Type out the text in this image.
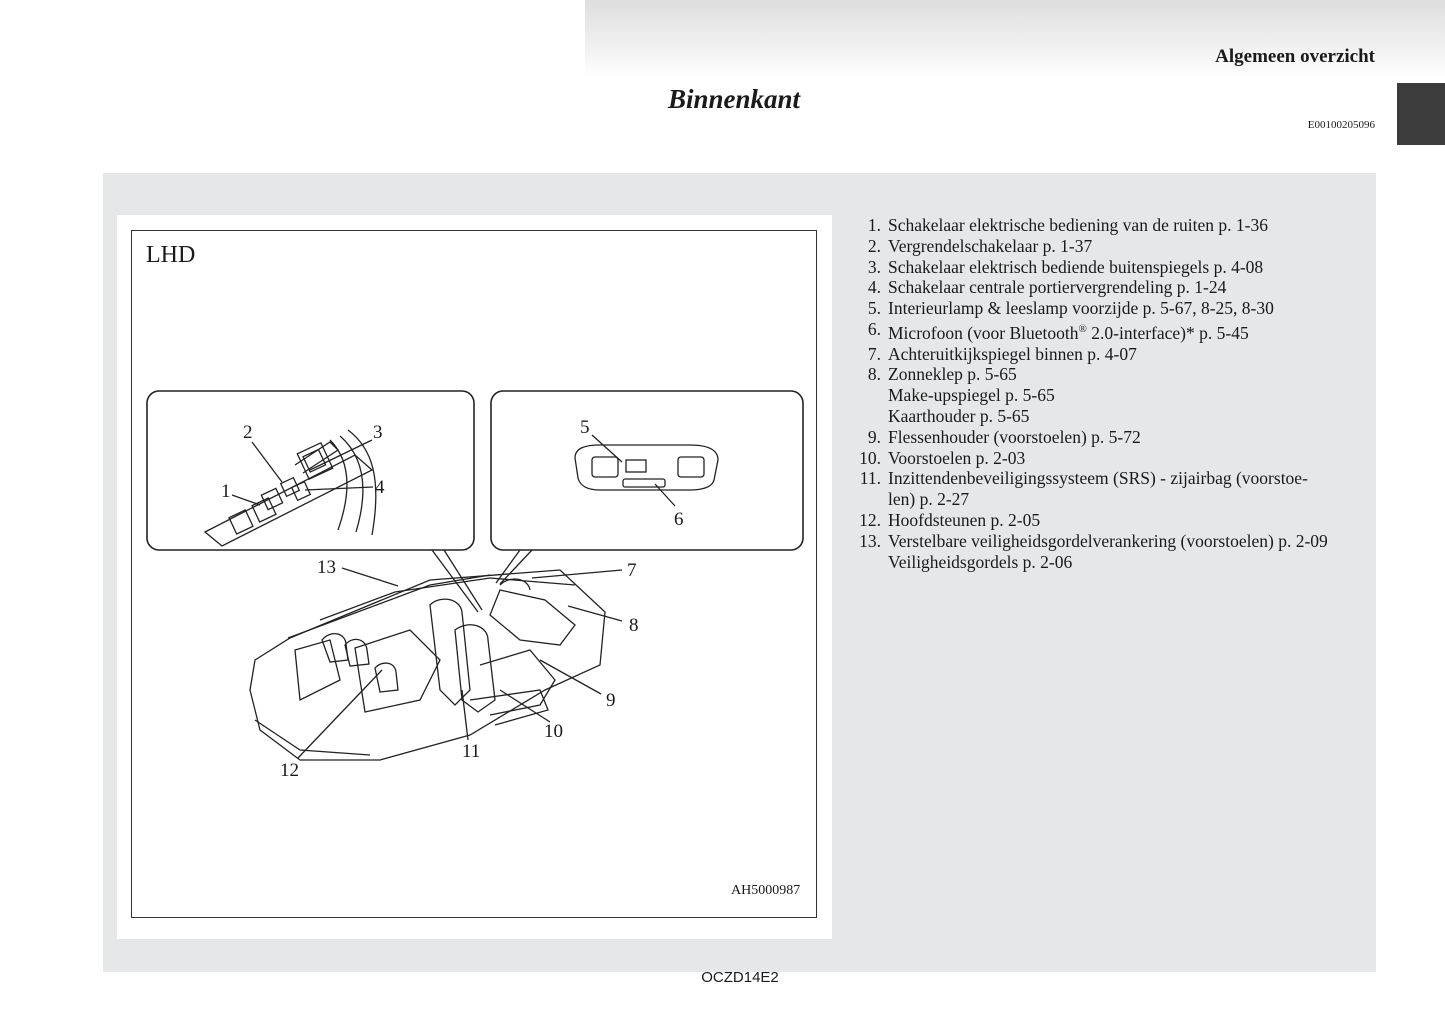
Algemeen overzicht
Binnenkant
E00100205096
2	3
1	4
5
6
7
8
9
10
11
12
13
LHD
AH5000987
1. Schakelaar elektrische bediening van de ruiten p. 1-36
2. Vergrendelschakelaar p. 1-37
3. Schakelaar elektrisch bediende buitenspiegels p. 4-08
4. Schakelaar centrale portiervergrendeling p. 1-24
5. Interieurlamp & leeslamp voorzijde p. 5-67, 8-25, 8-30
6. Microfoon (voor Bluetooth® 2.0-interface)* p. 5-45
7. Achteruitkijkspiegel binnen p. 4-07
8. Zonneklep p. 5-65
Make-upspiegel p. 5-65
Kaarthouder p. 5-65
9. Flessenhouder (voorstoelen) p. 5-72
10. Voorstoelen p. 2-03
11. Inzittendenbeveiligingssysteem (SRS) - zijairbag (voorstoe-
len) p. 2-27
12. Hoofdsteunen p. 2-05
13. Verstelbare veiligheidsgordelverankering (voorstoelen) p. 2-09
Veiligheidsgordels p. 2-06
OCZD14E2
